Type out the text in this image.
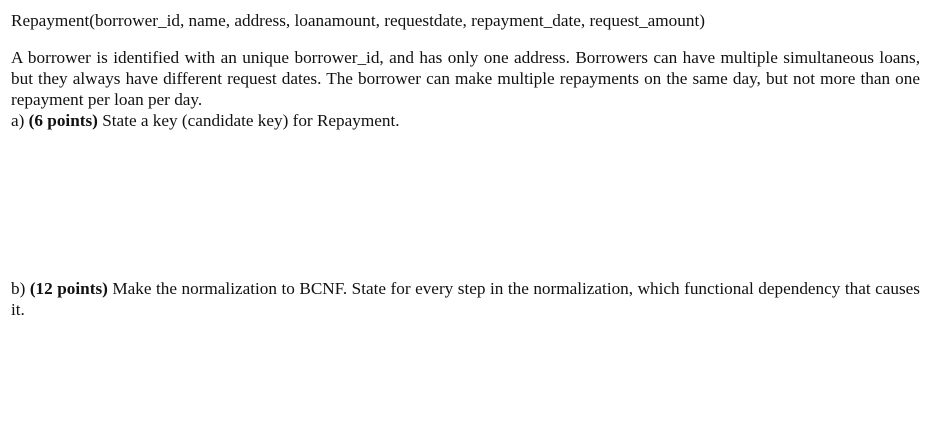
Repayment(borrower_id, name, address, loanamount, requestdate, repayment_date, request_amount)

A borrower is identified with an unique borrower_id, and has only one address. Borrowers can have multiple simultaneous loans, but they always have different request dates. The borrower can make multiple repayments on the same day, but not more than one repayment per loan per day.

a) (6 points) State a key (candidate key) for Repayment.

b) (12 points) Make the normalization to BCNF. State for every step in the normalization, which functional dependency that causes it.
